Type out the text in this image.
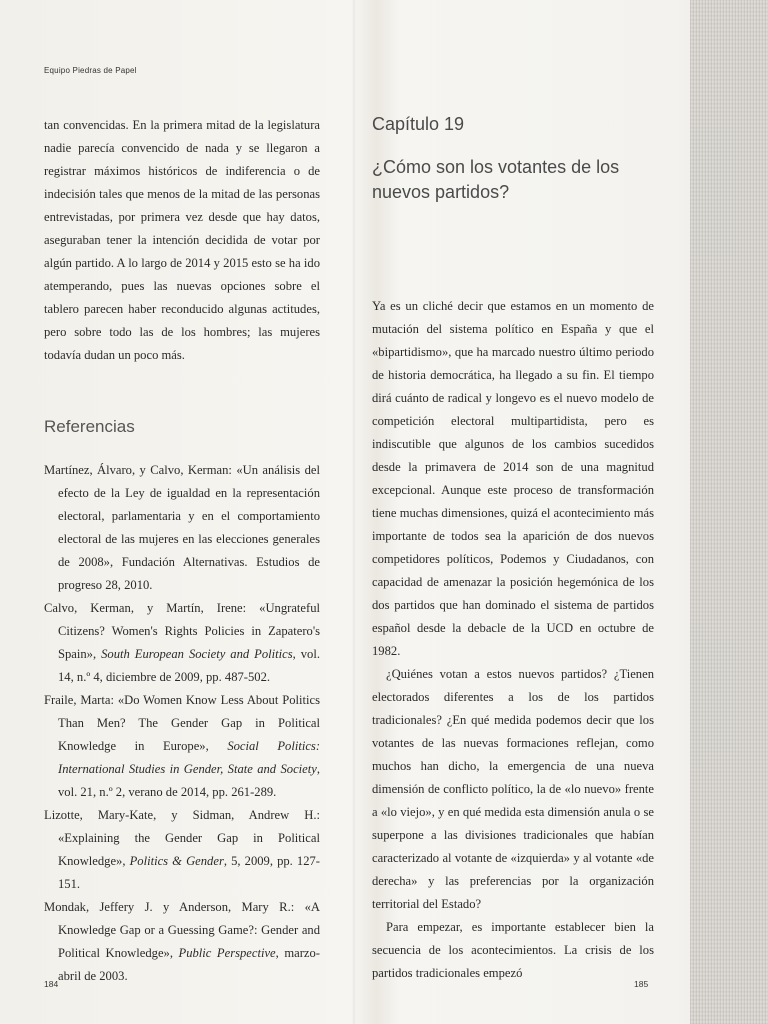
Equipo Piedras de Papel

tan convencidas. En la primera mitad de la legislatura nadie parecía convencido de nada y se llegaron a registrar máximos históricos de indiferencia o de indecisión tales que menos de la mitad de las personas entrevistadas, por primera vez desde que hay datos, aseguraban tener la intención decidida de votar por algún partido. A lo largo de 2014 y 2015 esto se ha ido atemperando, pues las nuevas opciones sobre el tablero parecen haber reconducido algunas actitudes, pero sobre todo las de los hombres; las mujeres todavía dudan un poco más.

Referencias
Martínez, Álvaro, y Calvo, Kerman: «Un análisis del efecto de la Ley de igualdad en la representación electoral, parlamentaria y en el comportamiento electoral de las mujeres en las elecciones generales de 2008», Fundación Alternativas. Estudios de progreso 28, 2010.
Calvo, Kerman, y Martín, Irene: «Ungrateful Citizens? Women's Rights Policies in Zapatero's Spain», South European Society and Politics, vol. 14, n.º 4, diciembre de 2009, pp. 487-502.
Fraile, Marta: «Do Women Know Less About Politics Than Men? The Gender Gap in Political Knowledge in Europe», Social Politics: International Studies in Gender, State and Society, vol. 21, n.º 2, verano de 2014, pp. 261-289.
Lizotte, Mary-Kate, y Sidman, Andrew H.: «Explaining the Gender Gap in Political Knowledge», Politics & Gender, 5, 2009, pp. 127-151.
Mondak, Jeffery J. y Anderson, Mary R.: «A Knowledge Gap or a Guessing Game?: Gender and Political Knowledge», Public Perspective, marzo-abril de 2003.
Capítulo 19
¿Cómo son los votantes de los nuevos partidos?

Ya es un cliché decir que estamos en un momento de mutación del sistema político en España y que el «bipartidismo», que ha marcado nuestro último periodo de historia democrática, ha llegado a su fin. El tiempo dirá cuánto de radical y longevo es el nuevo modelo de competición electoral multipartidista, pero es indiscutible que algunos de los cambios sucedidos desde la primavera de 2014 son de una magnitud excepcional. Aunque este proceso de transformación tiene muchas dimensiones, quizá el acontecimiento más importante de todos sea la aparición de dos nuevos competidores políticos, Podemos y Ciudadanos, con capacidad de amenazar la posición hegemónica de los dos partidos que han dominado el sistema de partidos español desde la debacle de la UCD en octubre de 1982.

¿Quiénes votan a estos nuevos partidos? ¿Tienen electorados diferentes a los de los partidos tradicionales? ¿En qué medida podemos decir que los votantes de las nuevas formaciones reflejan, como muchos han dicho, la emergencia de una nueva dimensión de conflicto político, la de «lo nuevo» frente a «lo viejo», y en qué medida esta dimensión anula o se superpone a las divisiones tradicionales que habían caracterizado al votante de «izquierda» y al votante «de derecha» y las preferencias por la organización territorial del Estado?

Para empezar, es importante establecer bien la secuencia de los acontecimientos. La crisis de los partidos tradicionales empezó

184	185
